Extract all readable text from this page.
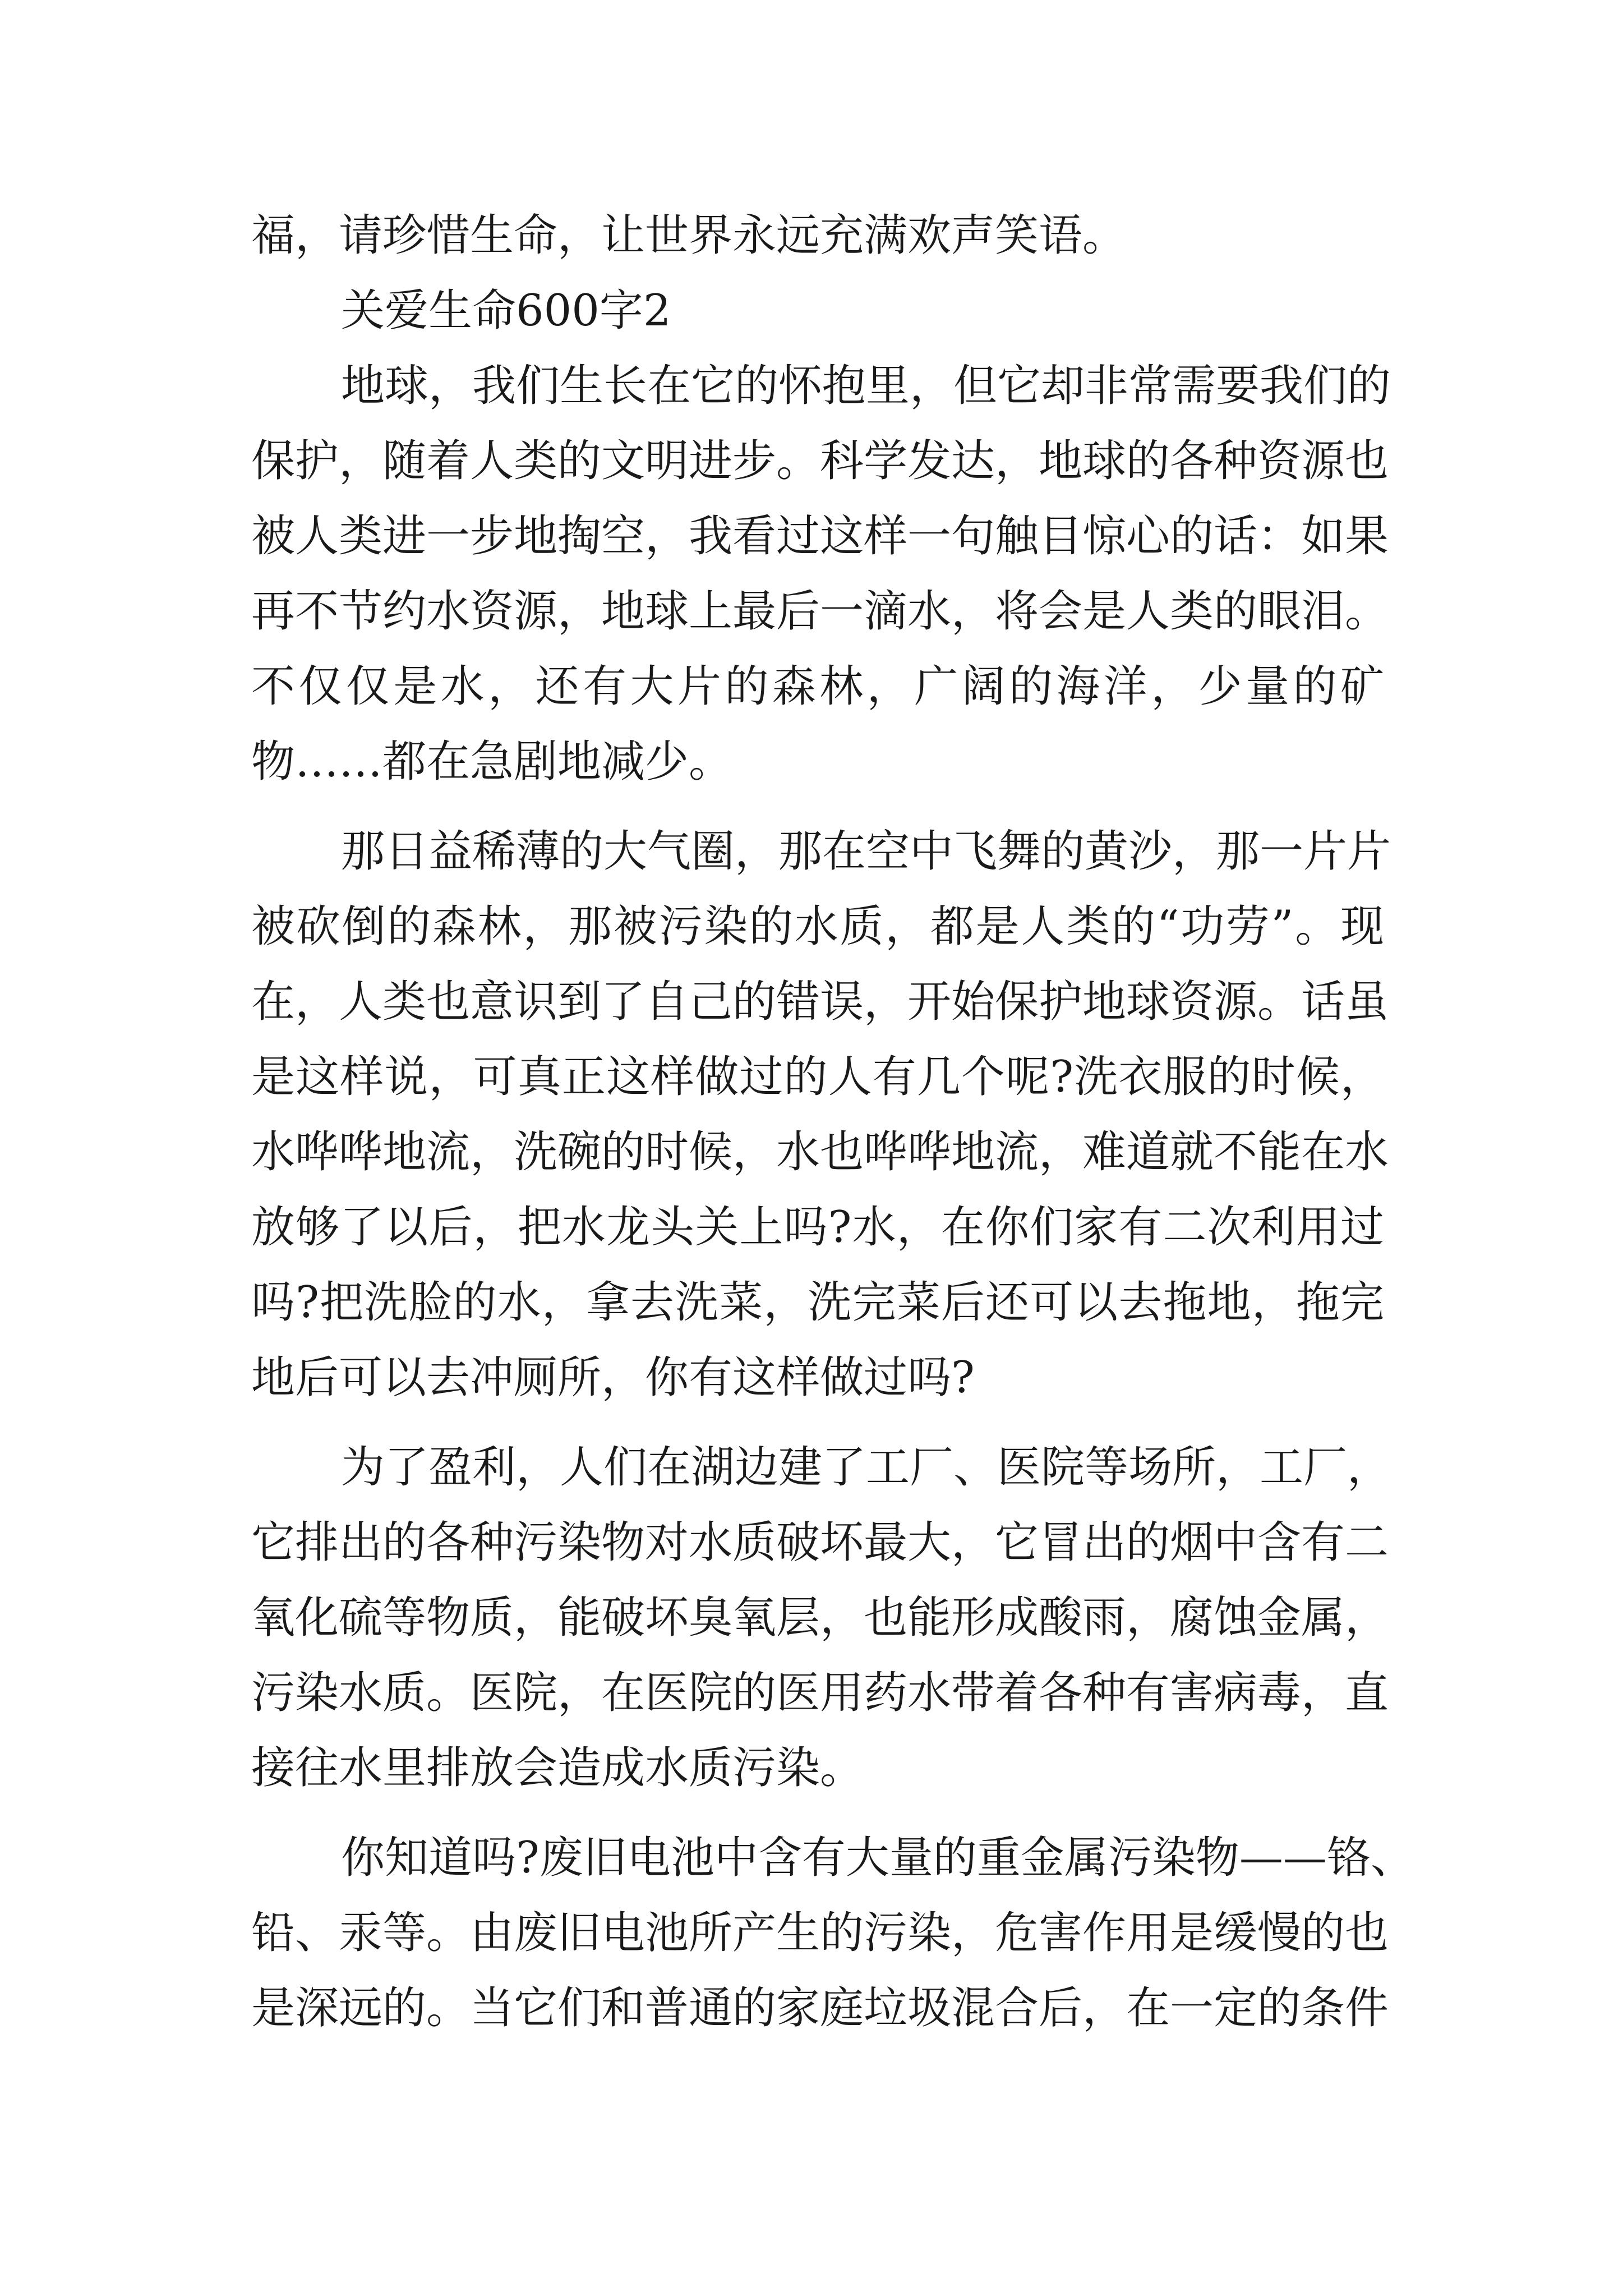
福，请珍惜生命，让世界永远充满欢声笑语。
关爱生命600字2
地球，我们生长在它的怀抱里，但它却非常需要我们的
保护，随着人类的文明进步。科学发达，地球的各种资源也
被人类进一步地掏空，我看过这样一句触目惊心的话：如果
再不节约水资源，地球上最后一滴水，将会是人类的眼泪。
不仅仅是水，还有大片的森林，广阔的海洋，少量的矿
物……都在急剧地减少。
那日益稀薄的大气圈，那在空中飞舞的黄沙，那一片片
被砍倒的森林，那被污染的水质，都是人类的“功劳”。现
在，人类也意识到了自己的错误，开始保护地球资源。话虽
是这样说，可真正这样做过的人有几个呢?洗衣服的时候，
水哗哗地流，洗碗的时候，水也哗哗地流，难道就不能在水
放够了以后，把水龙头关上吗?水，在你们家有二次利用过
吗?把洗脸的水，拿去洗菜，洗完菜后还可以去拖地，拖完
地后可以去冲厕所，你有这样做过吗?
为了盈利，人们在湖边建了工厂、医院等场所，工厂，
它排出的各种污染物对水质破坏最大，它冒出的烟中含有二
氧化硫等物质，能破坏臭氧层，也能形成酸雨，腐蚀金属，
污染水质。医院，在医院的医用药水带着各种有害病毒，直
接往水里排放会造成水质污染。
你知道吗?废旧电池中含有大量的重金属污染物——铬、
铅、汞等。由废旧电池所产生的污染，危害作用是缓慢的也
是深远的。当它们和普通的家庭垃圾混合后，在一定的条件
